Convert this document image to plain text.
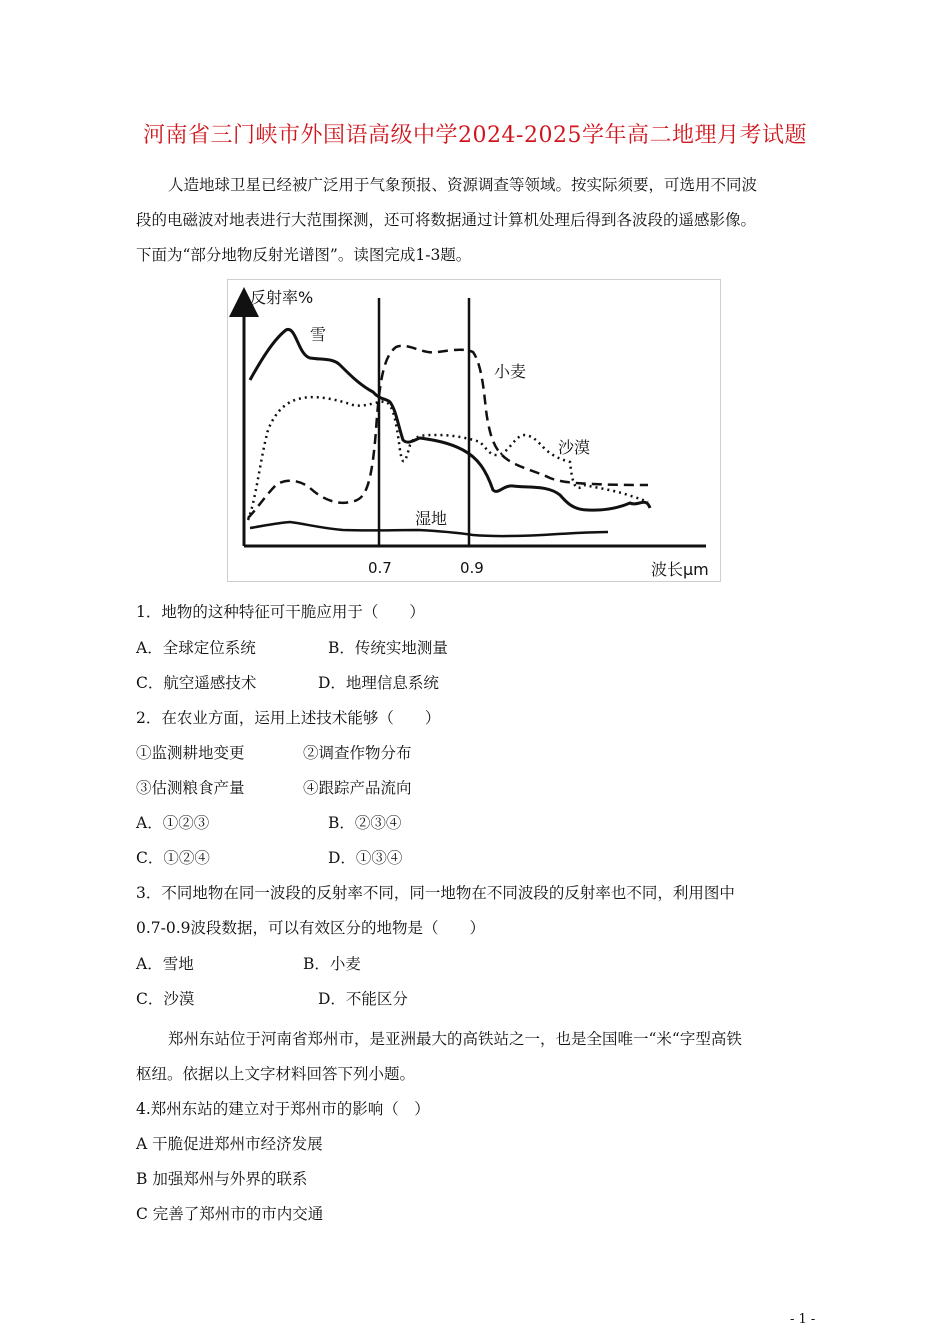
河南省三门峡市外国语高级中学2024-2025学年高二地理月考试题
人造地球卫星已经被广泛用于气象预报、资源调查等领域。按实际须要，可选用不同波
段的电磁波对地表进行大范围探测，还可将数据通过计算机处理后得到各波段的遥感影像。
下面为“部分地物反射光谱图”。读图完成1-3题。
反射率%
雪
小麦
沙漠
湿地
0.7	0.9	波长μm
1．地物的这种特征可干脆应用于（　　）
A．全球定位系统	B．传统实地测量
C．航空遥感技术	D．地理信息系统
2．在农业方面，运用上述技术能够（　　）
①监测耕地变更	②调查作物分布
③估测粮食产量	④跟踪产品流向
A．①②③	B．②③④
C．①②④	D．①③④
3．不同地物在同一波段的反射率不同，同一地物在不同波段的反射率也不同，利用图中
0.7-0.9波段数据，可以有效区分的地物是（　　）
A．雪地	B．小麦
C．沙漠	D．不能区分
郑州东站位于河南省郑州市，是亚洲最大的高铁站之一，也是全国唯一“米“字型高铁
枢纽。依据以上文字材料回答下列小题。
4.郑州东站的建立对于郑州市的影响（　）
A 干脆促进郑州市经济发展
B 加强郑州与外界的联系
C 完善了郑州市的市内交通
- 1 -
